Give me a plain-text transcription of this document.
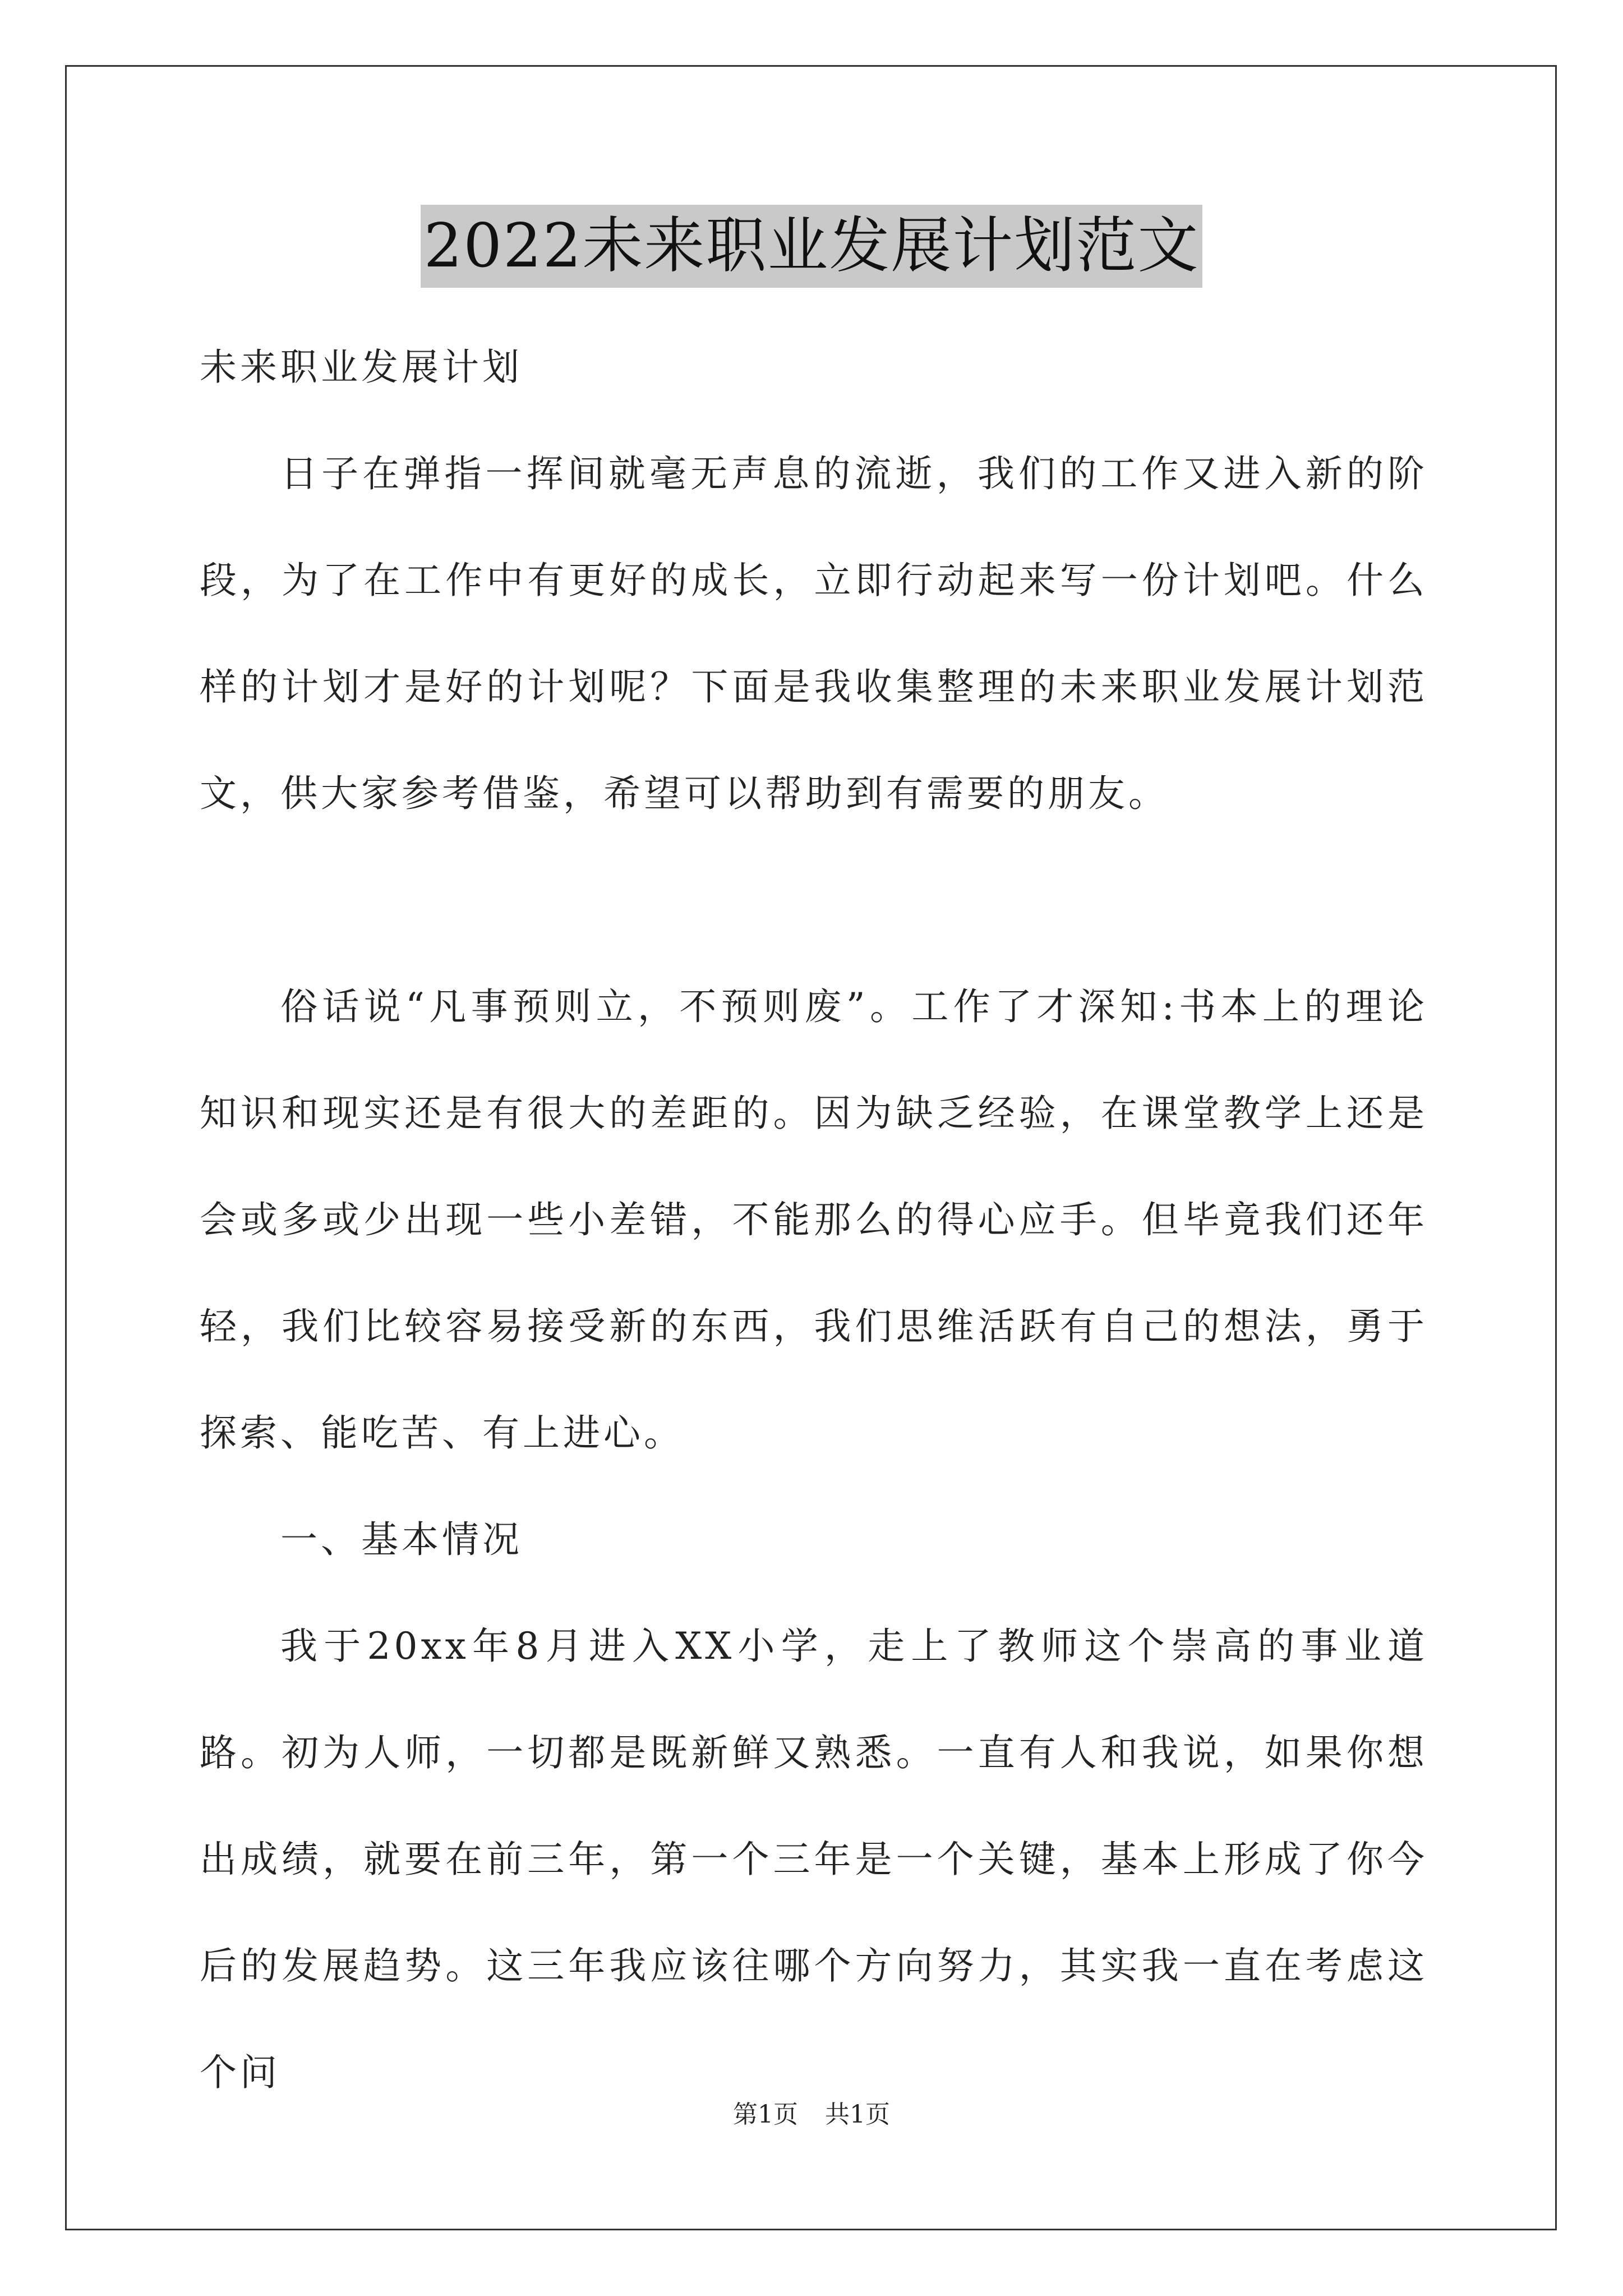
2022未来职业发展计划范文

未来职业发展计划

日子在弹指一挥间就毫无声息的流逝，我们的工作又进入新的阶段，为了在工作中有更好的成长，立即行动起来写一份计划吧。什么样的计划才是好的计划呢？下面是我收集整理的未来职业发展计划范文，供大家参考借鉴，希望可以帮助到有需要的朋友。

俗话说“凡事预则立，不预则废”。工作了才深知:书本上的理论知识和现实还是有很大的差距的。因为缺乏经验，在课堂教学上还是会或多或少出现一些小差错，不能那么的得心应手。但毕竟我们还年轻，我们比较容易接受新的东西，我们思维活跃有自己的想法，勇于探索、能吃苦、有上进心。

一、基本情况

我于20xx年8月进入XX小学，走上了教师这个崇高的事业道路。初为人师，一切都是既新鲜又熟悉。一直有人和我说，如果你想出成绩，就要在前三年，第一个三年是一个关键，基本上形成了你今后的发展趋势。这三年我应该往哪个方向努力，其实我一直在考虑这个问

第1页 共1页
